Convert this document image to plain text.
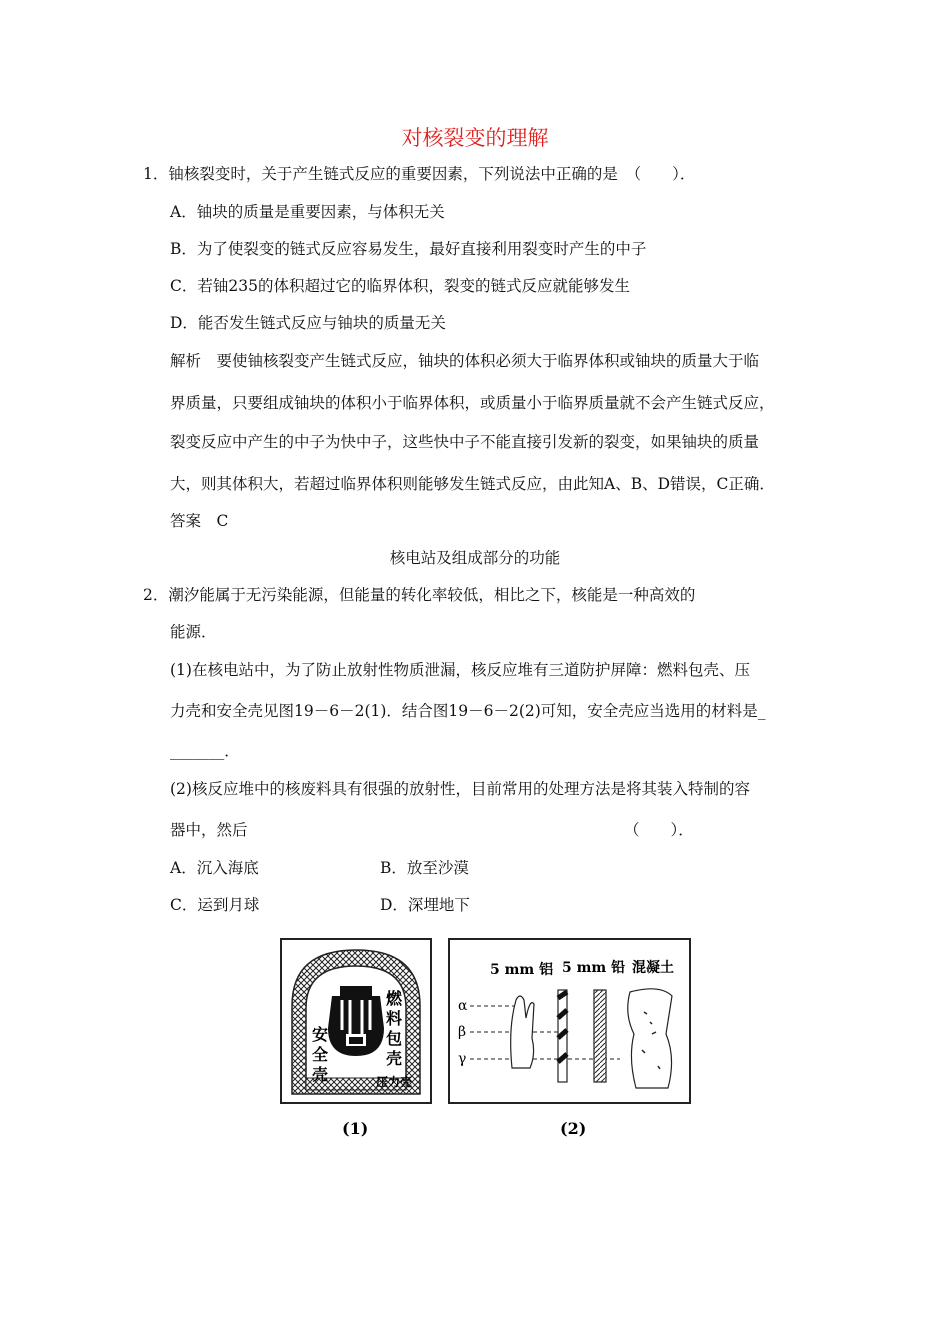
对核裂变的理解
1．铀核裂变时，关于产生链式反应的重要因素，下列说法中正确的是　（　　）．
A．铀块的质量是重要因素，与体积无关
B．为了使裂变的链式反应容易发生，最好直接利用裂变时产生的中子
C．若铀235的体积超过它的临界体积，裂变的链式反应就能够发生
D．能否发生链式反应与铀块的质量无关
解析　要使铀核裂变产生链式反应，铀块的体积必须大于临界体积或铀块的质量大于临
界质量，只要组成铀块的体积小于临界体积，或质量小于临界质量就不会产生链式反应，
裂变反应中产生的中子为快中子，这些快中子不能直接引发新的裂变，如果铀块的质量
大，则其体积大，若超过临界体积则能够发生链式反应，由此知A、B、D错误，C正确．
答案　C
核电站及组成部分的功能
2．潮汐能属于无污染能源，但能量的转化率较低，相比之下，核能是一种高效的
能源．
(1)在核电站中，为了防止放射性物质泄漏，核反应堆有三道防护屏障：燃料包壳、压
力壳和安全壳见图19－6－2(1)．结合图19－6－2(2)可知，安全壳应当选用的材料是_
_______．
(2)核反应堆中的核废料具有很强的放射性，目前常用的处理方法是将其装入特制的容
器中，然后	（　　）．
A．沉入海底	B．放至沙漠
C．运到月球	D．深埋地下
安全壳
燃料包壳
压力壳
5 mm 铝 5 mm 铅 混凝土
α
β
γ
(1)	(2)
